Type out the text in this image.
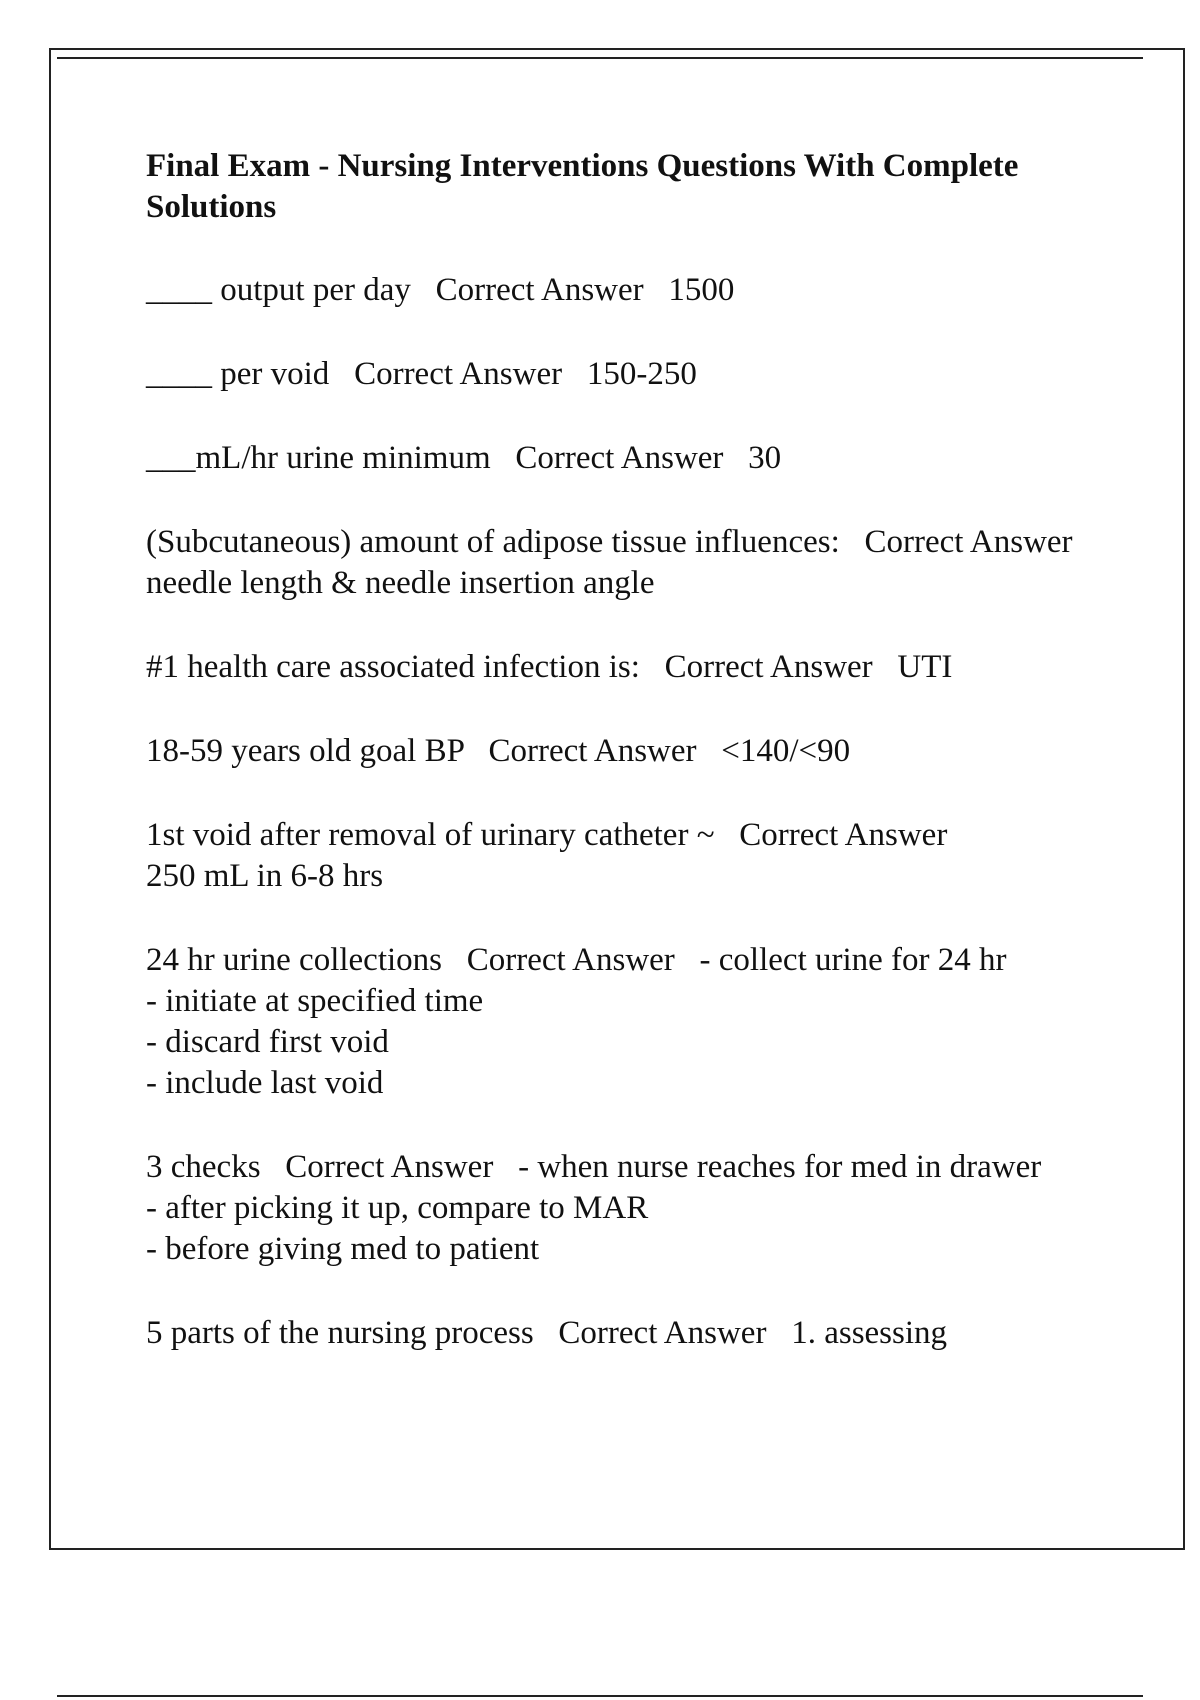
Final Exam - Nursing Interventions Questions With Complete Solutions
____ output per day Correct Answer 1500
____ per void Correct Answer 150-250
___mL/hr urine minimum Correct Answer 30
(Subcutaneous) amount of adipose tissue influences: Correct Answer   needle length & needle insertion angle
#1 health care associated infection is: Correct Answer UTI
18-59 years old goal BP Correct Answer <140/<90
1st void after removal of urinary catheter ~ Correct Answer
250 mL in 6-8 hrs
24 hr urine collections Correct Answer - collect urine for 24 hr
- initiate at specified time
- discard first void
- include last void
3 checks Correct Answer - when nurse reaches for med in drawer
- after picking it up, compare to MAR
- before giving med to patient
5 parts of the nursing process Correct Answer 1. assessing
